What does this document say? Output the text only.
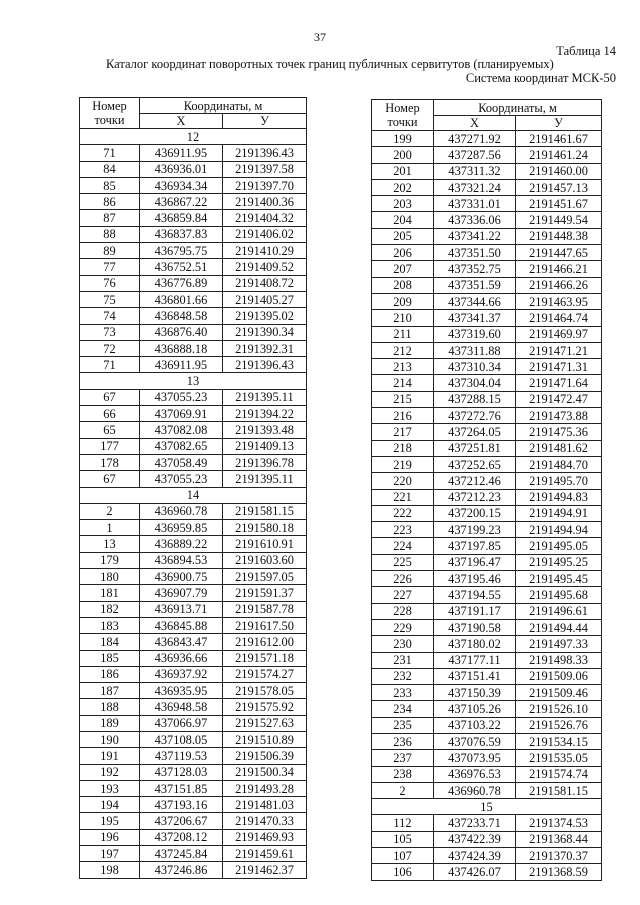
37
Таблица 14
Каталог координат поворотных точек границ публичных сервитутов (планируемых)
Система координат МСК-50
Номер
точки	Координаты, м	
	X	У
12		
71	436911.95	2191396.43
84	436936.01	2191397.58
85	436934.34	2191397.70
86	436867.22	2191400.36
87	436859.84	2191404.32
88	436837.83	2191406.02
89	436795.75	2191410.29
77	436752.51	2191409.52
76	436776.89	2191408.72
75	436801.66	2191405.27
74	436848.58	2191395.02
73	436876.40	2191390.34
72	436888.18	2191392.31
71	436911.95	2191396.43
13		
67	437055.23	2191395.11
66	437069.91	2191394.22
65	437082.08	2191393.48
177	437082.65	2191409.13
178	437058.49	2191396.78
67	437055.23	2191395.11
14		
2	436960.78	2191581.15
1	436959.85	2191580.18
13	436889.22	2191610.91
179	436894.53	2191603.60
180	436900.75	2191597.05
181	436907.79	2191591.37
182	436913.71	2191587.78
183	436845.88	2191617.50
184	436843.47	2191612.00
185	436936.66	2191571.18
186	436937.92	2191574.27
187	436935.95	2191578.05
188	436948.58	2191575.92
189	437066.97	2191527.63
190	437108.05	2191510.89
191	437119.53	2191506.39
192	437128.03	2191500.34
193	437151.85	2191493.28
194	437193.16	2191481.03
195	437206.67	2191470.33
196	437208.12	2191469.93
197	437245.84	2191459.61
198	437246.86	2191462.37
Номер
точки	Координаты, м	
	X	У
199	437271.92	2191461.67
200	437287.56	2191461.24
201	437311.32	2191460.00
202	437321.24	2191457.13
203	437331.01	2191451.67
204	437336.06	2191449.54
205	437341.22	2191448.38
206	437351.50	2191447.65
207	437352.75	2191466.21
208	437351.59	2191466.26
209	437344.66	2191463.95
210	437341.37	2191464.74
211	437319.60	2191469.97
212	437311.88	2191471.21
213	437310.34	2191471.31
214	437304.04	2191471.64
215	437288.15	2191472.47
216	437272.76	2191473.88
217	437264.05	2191475.36
218	437251.81	2191481.62
219	437252.65	2191484.70
220	437212.46	2191495.70
221	437212.23	2191494.83
222	437200.15	2191494.91
223	437199.23	2191494.94
224	437197.85	2191495.05
225	437196.47	2191495.25
226	437195.46	2191495.45
227	437194.55	2191495.68
228	437191.17	2191496.61
229	437190.58	2191494.44
230	437180.02	2191497.33
231	437177.11	2191498.33
232	437151.41	2191509.06
233	437150.39	2191509.46
234	437105.26	2191526.10
235	437103.22	2191526.76
236	437076.59	2191534.15
237	437073.95	2191535.05
238	436976.53	2191574.74
2	436960.78	2191581.15
15		
112	437233.71	2191374.53
105	437422.39	2191368.44
107	437424.39	2191370.37
106	437426.07	2191368.59
